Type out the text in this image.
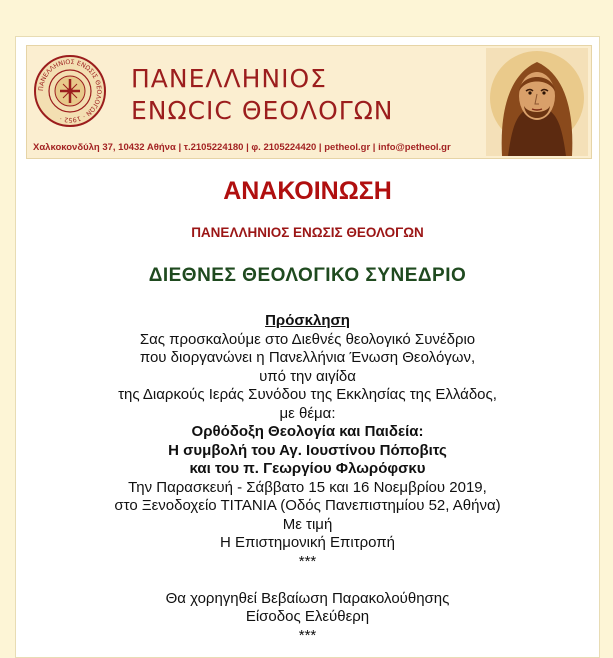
ΠΑΝΕΛΛΗΝΙΟΣ ΕΝΩΣΙΣ ΘΕΟΛΟΓΩΝ · 1952 ·
ΠΑΝΕΛΛΗΝΙΟΣ
ΕΝΩCΙC ΘΕΟΛΟΓΩΝ
Χαλκοκονδύλη 37, 10432 Αθήνα | τ.2105224180 | φ. 2105224420 | petheol.gr | info@petheol.gr
ΑΝΑΚΟΙΝΩΣΗ
ΠΑΝΕΛΛΗΝΙΟΣ ΕΝΩΣΙΣ ΘΕΟΛΟΓΩΝ
ΔΙΕΘΝΕΣ ΘΕΟΛΟΓΙΚΟ ΣΥΝΕΔΡΙΟ
Πρόσκληση
Σας προσκαλούμε στο Διεθνές θεολογικό Συνέδριο
που διοργανώνει η Πανελλήνια Ένωση Θεολόγων,
υπό την αιγίδα
της Διαρκούς Ιεράς Συνόδου της Εκκλησίας της Ελλάδος,
με θέμα:
Ορθόδοξη Θεολογία και Παιδεία:
Η συμβολή του Αγ. Ιουστίνου Πόποβιτς
και του π. Γεωργίου Φλωρόφσκυ
Την Παρασκευή - Σάββατο 15 και 16 Νοεμβρίου 2019,
στο Ξενοδοχείο ΤΙΤΑΝΙΑ (Οδός Πανεπιστημίου 52, Αθήνα)
Με τιμή
Η Επιστημονική Επιτροπή
***
Θα χορηγηθεί Βεβαίωση Παρακολούθησης
Είσοδος Ελεύθερη
***
